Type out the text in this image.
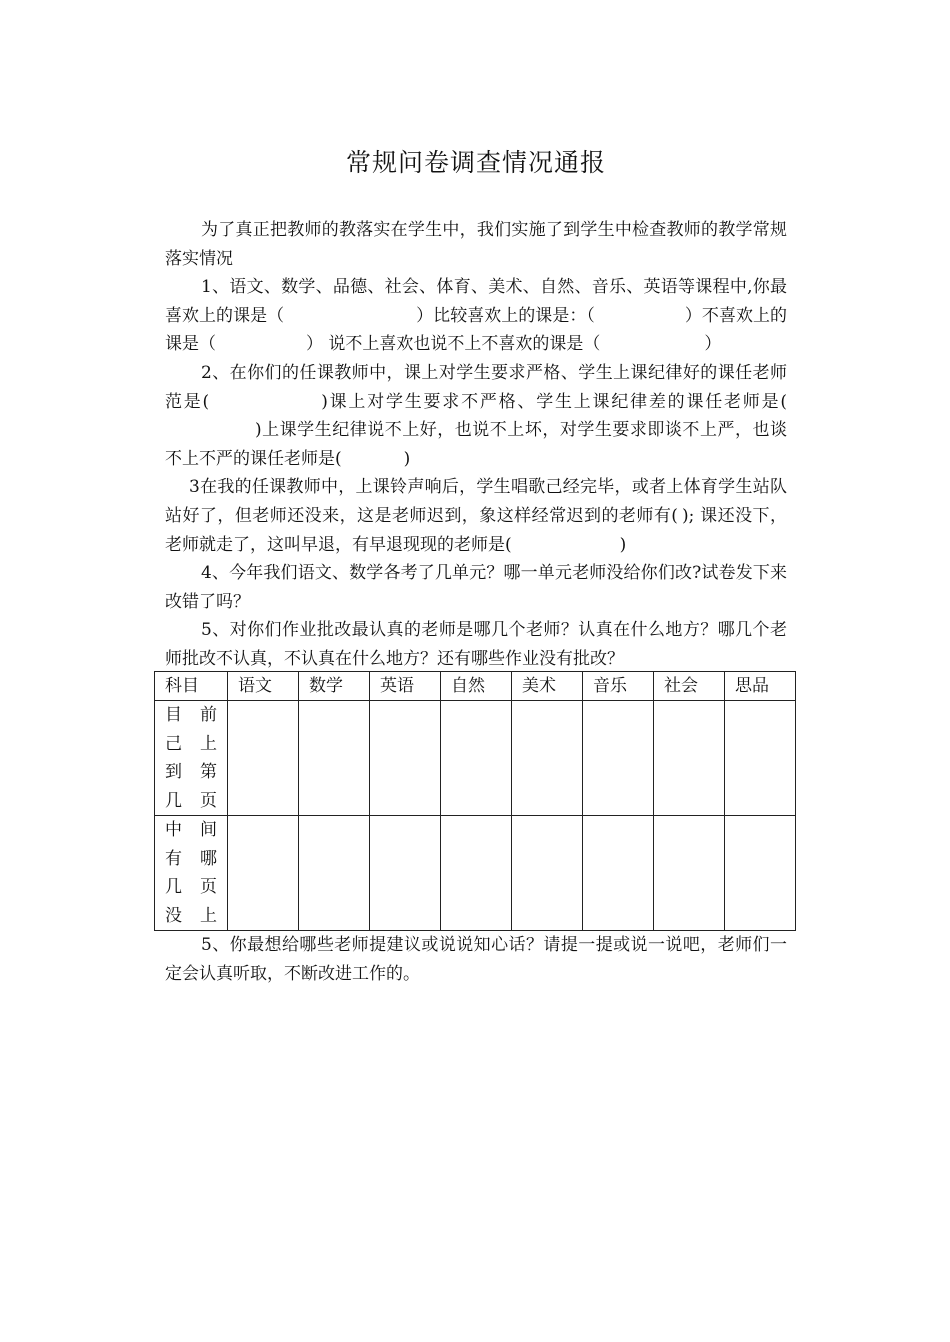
常规问卷调查情况通报

为了真正把教师的教落实在学生中，我们实施了到学生中检查教师的教学常规落实情况

1、语文、数学、品德、社会、体育、美术、自然、音乐、英语等课程中,你最喜欢上的课是（	）比较喜欢上的课是：（	）不喜欢上的课是（	） 说不上喜欢也说不上不喜欢的课是（	）

2、在你们的任课教师中，课上对学生要求严格、学生上课纪律好的课任老师范是(	)课上对学生要求不严格、学生上课纪律差的课任老师是()上课学生纪律说不上好，也说不上坏，对学生要求即谈不上严，也谈不上不严的课任老师是(	)

3在我的任课教师中，上课铃声响后，学生唱歌己经完毕，或者上体育学生站队站好了，但老师还没来，这是老师迟到，象这样经常迟到的老师有( ); 课还没下，老师就走了，这叫早退，有早退现现的老师是(	)

4、今年我们语文、数学各考了几单元？哪一单元老师没给你们改?试卷发下来改错了吗？

5、对你们作业批改最认真的老师是哪几个老师？认真在什么地方？哪几个老师批改不认真，不认真在什么地方？还有哪些作业没有批改？

科目	语文	数学	英语	自然	美术	音乐	社会	思品

目 前
己 上
到 第
几页								

中 间
有 哪
几 页
没上								

5、你最想给哪些老师提建议或说说知心话？请提一提或说一说吧，老师们一定会认真听取，不断改进工作的。
